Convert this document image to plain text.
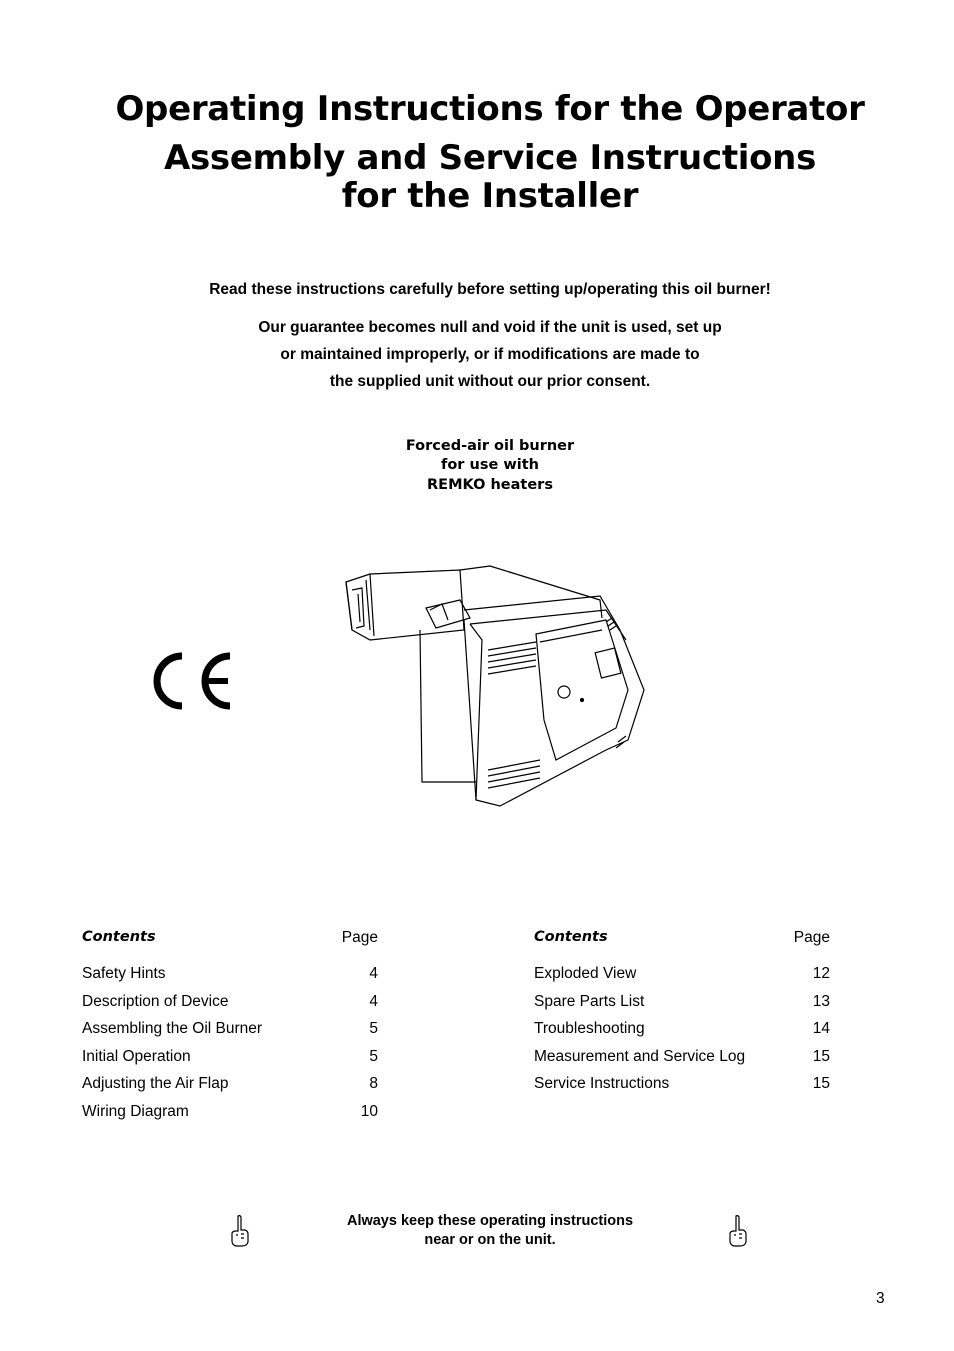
Operating Instructions for the Operator
Assembly and Service Instructions
for the Installer
Read these instructions carefully before setting up/operating this oil burner!
Our guarantee becomes null and void if the unit is used, set up
or maintained improperly, or if modifications are made to
the supplied unit without our prior consent.
Forced-air oil burner
for use with
REMKO heaters
Contents	Page
Safety Hints	4
Description of Device	4
Assembling the Oil Burner	5
Initial Operation	5
Adjusting the Air Flap	8
Wiring Diagram	10
Contents	Page
Exploded View	12
Spare Parts List	13
Troubleshooting	14
Measurement and Service Log	15
Service Instructions	15
Always keep these operating instructions
near or on the unit.
3
